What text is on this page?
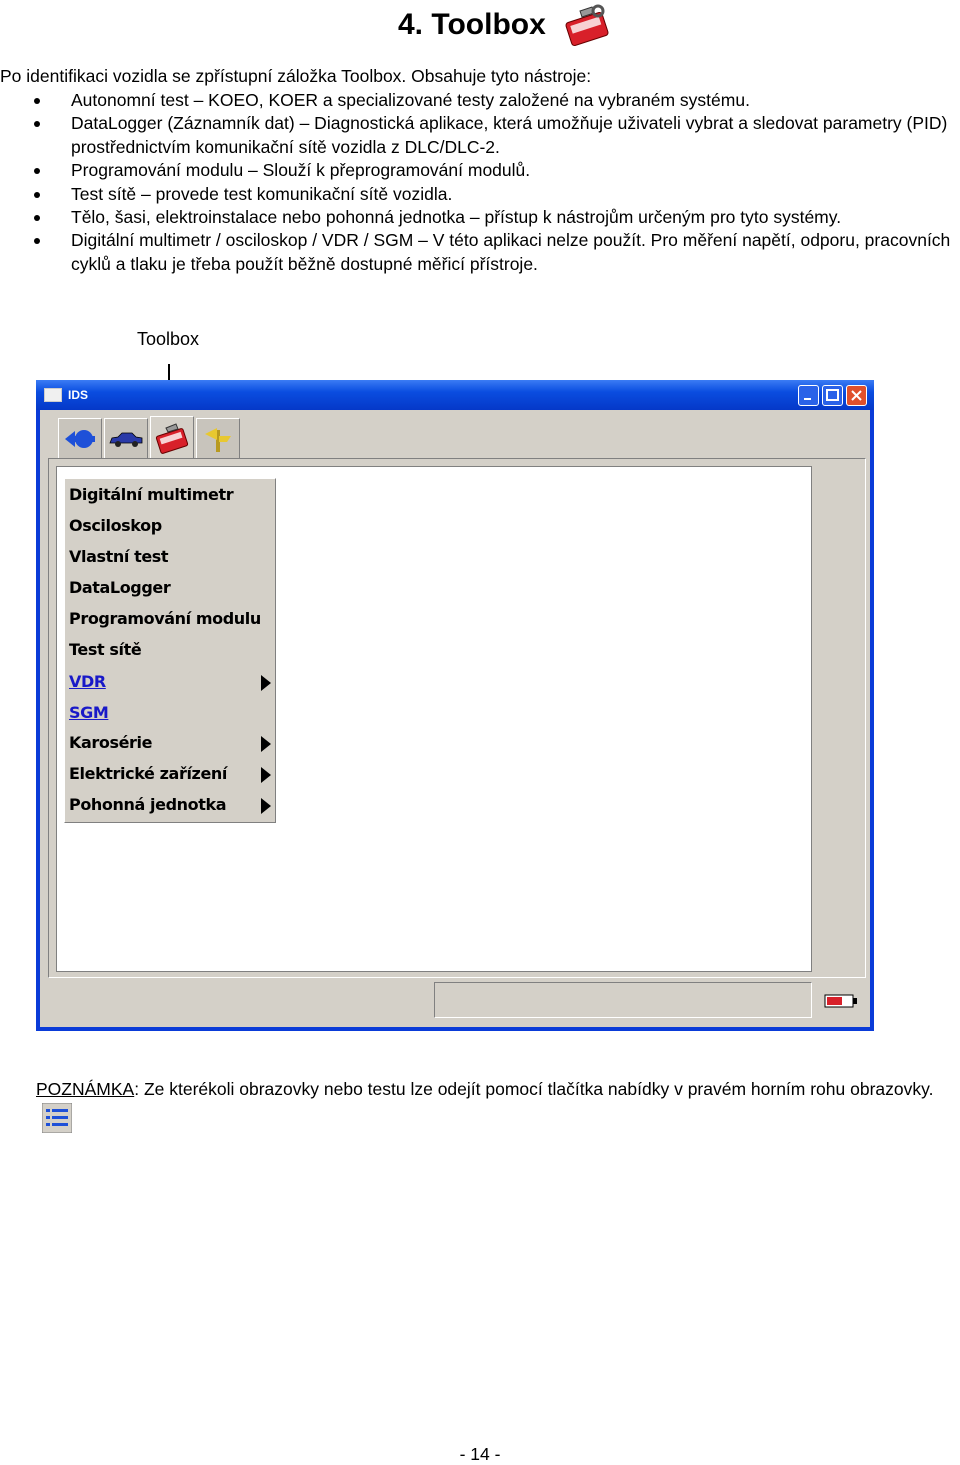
4. Toolbox
Po identifikaci vozidla se zpřístupní záložka Toolbox. Obsahuje tyto nástroje:
Autonomní test – KOEO, KOER a specializované testy založené na vybraném systému.
DataLogger (Záznamník dat) – Diagnostická aplikace, která umožňuje uživateli vybrat a sledovat parametry (PID) prostřednictvím komunikační sítě vozidla z DLC/DLC-2.
Programování modulu – Slouží k přeprogramování modulů.
Test sítě – provede test komunikační sítě vozidla.
Tělo, šasi, elektroinstalace nebo pohonná jednotka – přístup k nástrojům určeným pro tyto systémy.
Digitální multimetr / osciloskop / VDR / SGM – V této aplikaci nelze použít. Pro měření napětí, odporu, pracovních cyklů a tlaku je třeba použít běžně dostupné měřicí přístroje.
Toolbox
IDS
Digitální multimetr
Osciloskop
Vlastní test
DataLogger
Programování modulu
Test sítě
VDR
SGM
Karosérie
Elektrické zařízení
Pohonná jednotka
POZNÁMKA: Ze kterékoli obrazovky nebo testu lze odejít pomocí tlačítka nabídky v pravém horním rohu obrazovky.
- 14 -
